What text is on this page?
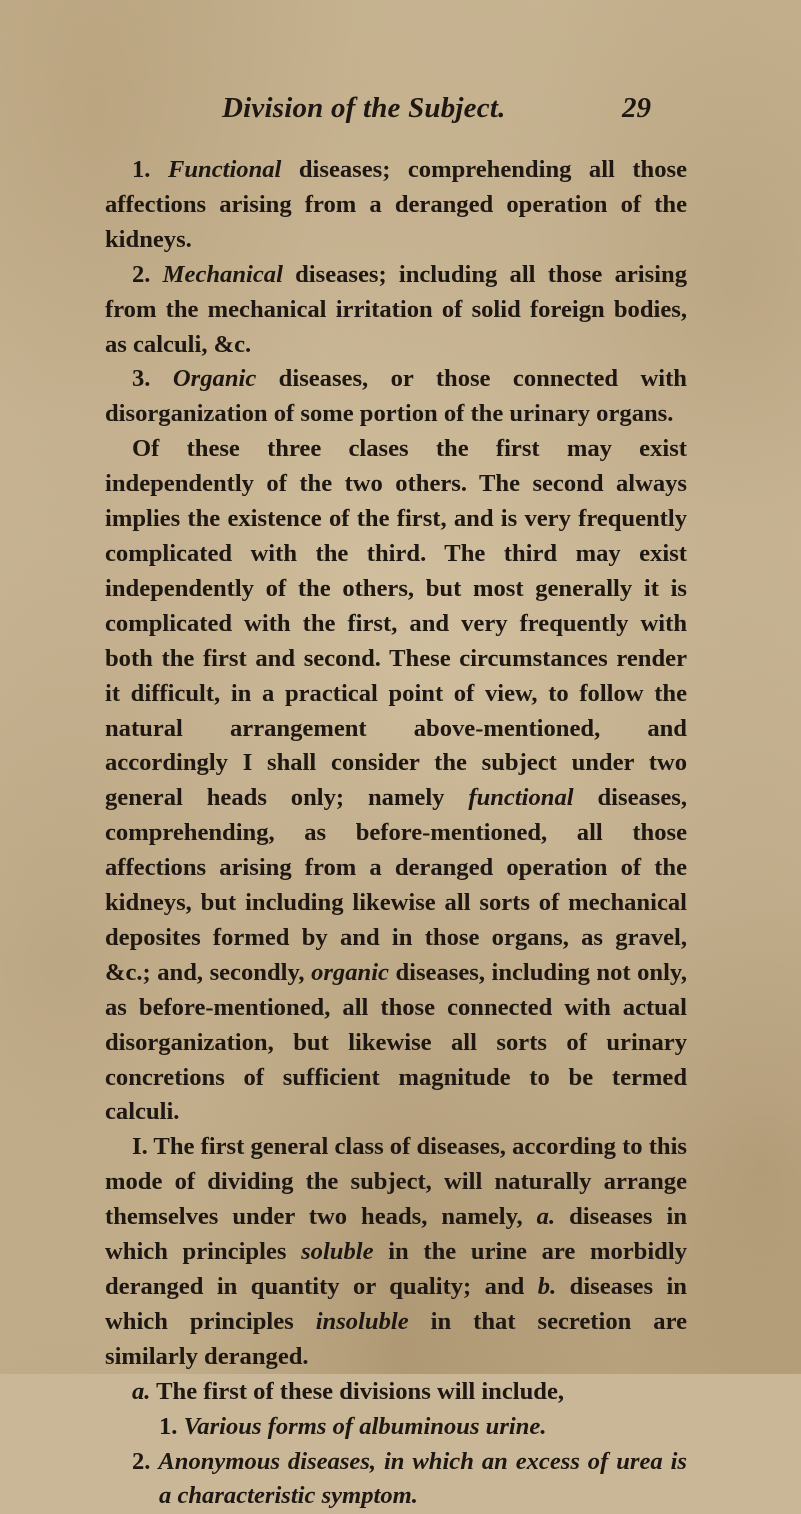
Division of the Subject.	29

1. Functional diseases; comprehending all those affections arising from a deranged operation of the kidneys.

2. Mechanical diseases; including all those arising from the mechanical irritation of solid foreign bodies, as calculi, &c.

3. Organic diseases, or those connected with disorganization of some portion of the urinary organs.

Of these three clases the first may exist independently of the two others. The second always implies the existence of the first, and is very frequently complicated with the third. The third may exist independently of the others, but most generally it is complicated with the first, and very frequently with both the first and second. These circumstances render it difficult, in a practical point of view, to follow the natural arrangement above-mentioned, and accordingly I shall consider the subject under two general heads only; namely functional diseases, comprehending, as before-mentioned, all those affections arising from a deranged operation of the kidneys, but including likewise all sorts of mechanical deposites formed by and in those organs, as gravel, &c.; and, secondly, organic diseases, including not only, as before-mentioned, all those connected with actual disorganization, but likewise all sorts of urinary concretions of sufficient magnitude to be termed calculi.

I. The first general class of diseases, according to this mode of dividing the subject, will naturally arrange themselves under two heads, namely, a. diseases in which principles soluble in the urine are morbidly deranged in quantity or quality; and b. diseases in which principles insoluble in that secretion are similarly deranged.

a. The first of these divisions will include,

1. Various forms of albuminous urine.

2. Anonymous diseases, in which an excess of urea is a characteristic symptom.
